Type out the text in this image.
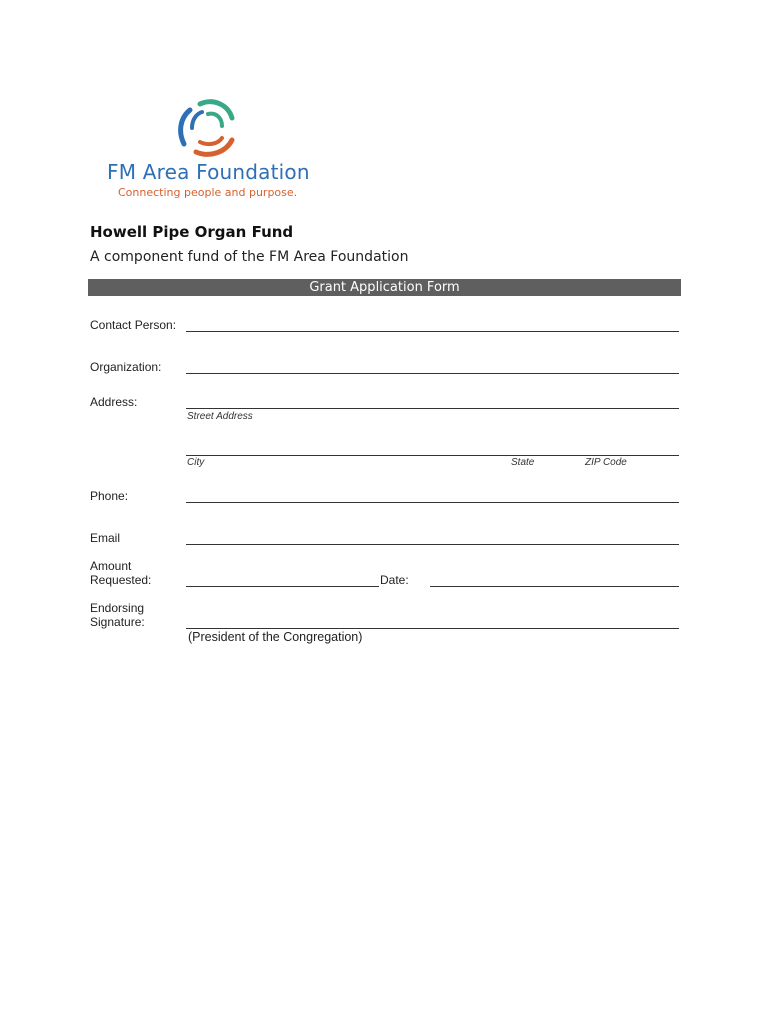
FM Area Foundation
Connecting people and purpose.
Howell Pipe Organ Fund
A component fund of the FM Area Foundation
Grant Application Form
Contact Person:
Organization:
Address:
Street Address
City	State	ZIP Code
Phone:
Email
Amount
Requested:	Date:
Endorsing
Signature:
(President of the Congregation)
